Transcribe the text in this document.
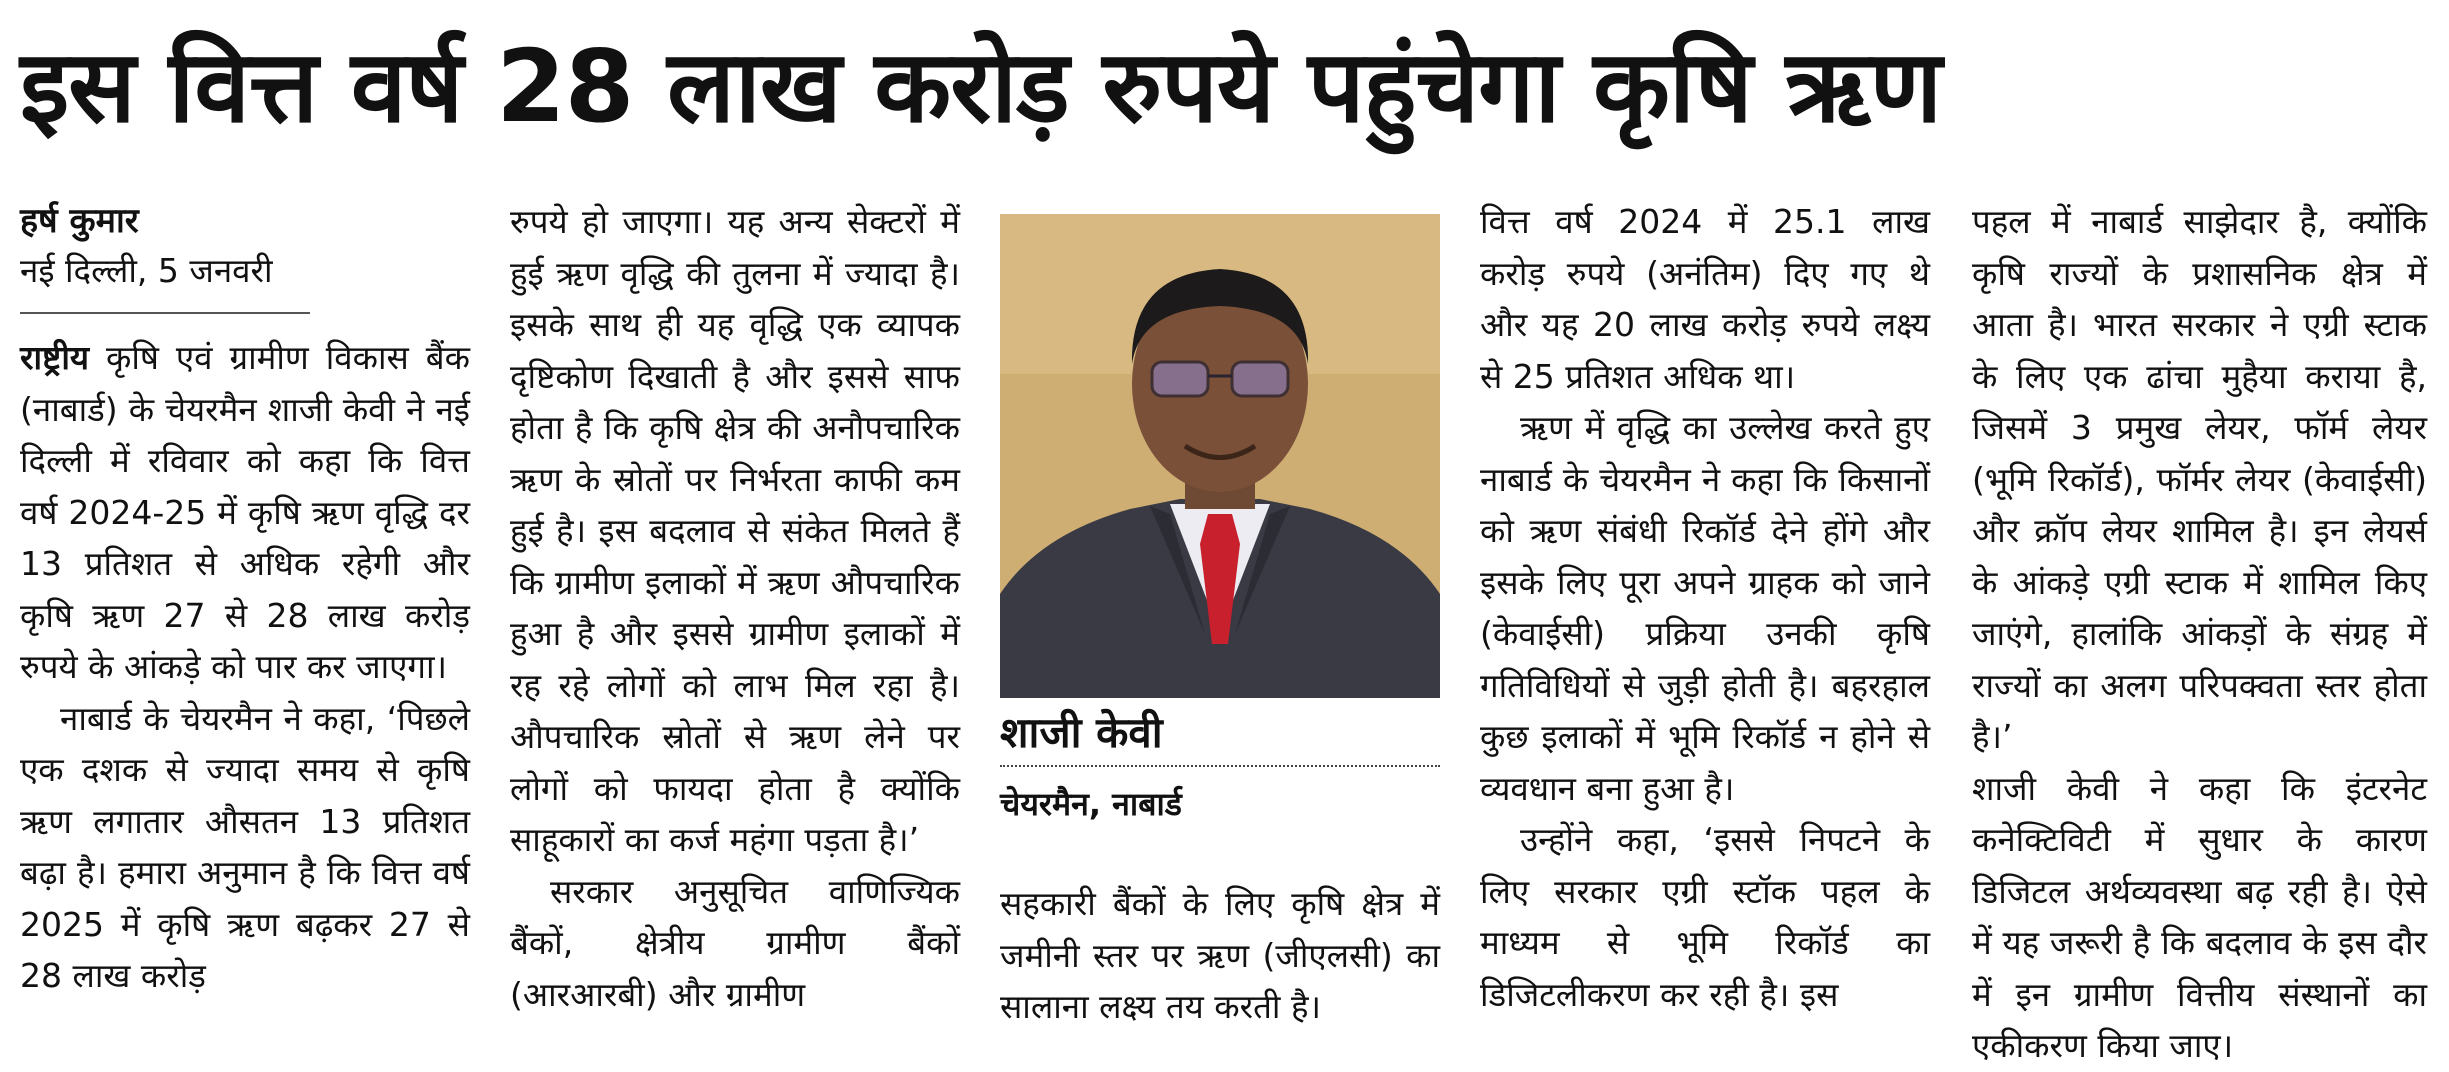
इस वित्त वर्ष 28 लाख करोड़ रुपये पहुंचेगा कृषि ऋण
हर्ष कुमार
नई दिल्ली, 5 जनवरी

राष्ट्रीय कृषि एवं ग्रामीण विकास बैंक (नाबार्ड) के चेयरमैन शाजी केवी ने नई दिल्ली में रविवार को कहा कि वित्त वर्ष 2024-25 में कृषि ऋण वृद्धि दर 13 प्रतिशत से अधिक रहेगी और कृषि ऋण 27 से 28 लाख करोड़ रुपये के आंकड़े को पार कर जाएगा।

नाबार्ड के चेयरमैन ने कहा, ‘पिछले एक दशक से ज्यादा समय से कृषि ऋण लगातार औसतन 13 प्रतिशत बढ़ा है। हमारा अनुमान है कि वित्त वर्ष 2025 में कृषि ऋण बढ़कर 27 से 28 लाख करोड़

रुपये हो जाएगा। यह अन्य सेक्टरों में हुई ऋण वृद्धि की तुलना में ज्यादा है। इसके साथ ही यह वृद्धि एक व्यापक दृष्टिकोण दिखाती है और इससे साफ होता है कि कृषि क्षेत्र की अनौपचारिक ऋण के स्रोतों पर निर्भरता काफी कम हुई है। इस बदलाव से संकेत मिलते हैं कि ग्रामीण इलाकों में ऋण औपचारिक हुआ है और इससे ग्रामीण इलाकों में रह रहे लोगों को लाभ मिल रहा है। औपचारिक स्रोतों से ऋण लेने पर लोगों को फायदा होता है क्योंकि साहूकारों का कर्ज महंगा पड़ता है।’

सरकार अनुसूचित वाणिज्यिक बैंकों, क्षेत्रीय ग्रामीण बैंकों (आरआरबी) और ग्रामीण

शाजी केवी
चेयरमैन, नाबार्ड

सहकारी बैंकों के लिए कृषि क्षेत्र में जमीनी स्तर पर ऋण (जीएलसी) का सालाना लक्ष्य तय करती है।

वित्त वर्ष 2024 में 25.1 लाख करोड़ रुपये (अनंतिम) दिए गए थे और यह 20 लाख करोड़ रुपये लक्ष्य से 25 प्रतिशत अधिक था।

ऋण में वृद्धि का उल्लेख करते हुए नाबार्ड के चेयरमैन ने कहा कि किसानों को ऋण संबंधी रिकॉर्ड देने होंगे और इसके लिए पूरा अपने ग्राहक को जाने (केवाईसी) प्रक्रिया उनकी कृषि गतिविधियों से जुड़ी होती है। बहरहाल कुछ इलाकों में भूमि रिकॉर्ड न होने से व्यवधान बना हुआ है।

उन्होंने कहा, ‘इससे निपटने के लिए सरकार एग्री स्टॉक पहल के माध्यम से भूमि रिकॉर्ड का डिजिटलीकरण कर रही है। इस

पहल में नाबार्ड साझेदार है, क्योंकि कृषि राज्यों के प्रशासनिक क्षेत्र में आता है। भारत सरकार ने एग्री स्टाक के लिए एक ढांचा मुहैया कराया है, जिसमें 3 प्रमुख लेयर, फॉर्म लेयर (भूमि रिकॉर्ड), फॉर्मर लेयर (केवाईसी) और क्रॉप लेयर शामिल है। इन लेयर्स के आंकड़े एग्री स्टाक में शामिल किए जाएंगे, हालांकि आंकड़ों के संग्रह में राज्यों का अलग परिपक्वता स्तर होता है।’

शाजी केवी ने कहा कि इंटरनेट कनेक्टिविटी में सुधार के कारण डिजिटल अर्थव्यवस्था बढ़ रही है। ऐसे में यह जरूरी है कि बदलाव के इस दौर में इन ग्रामीण वित्तीय संस्थानों का एकीकरण किया जाए।
